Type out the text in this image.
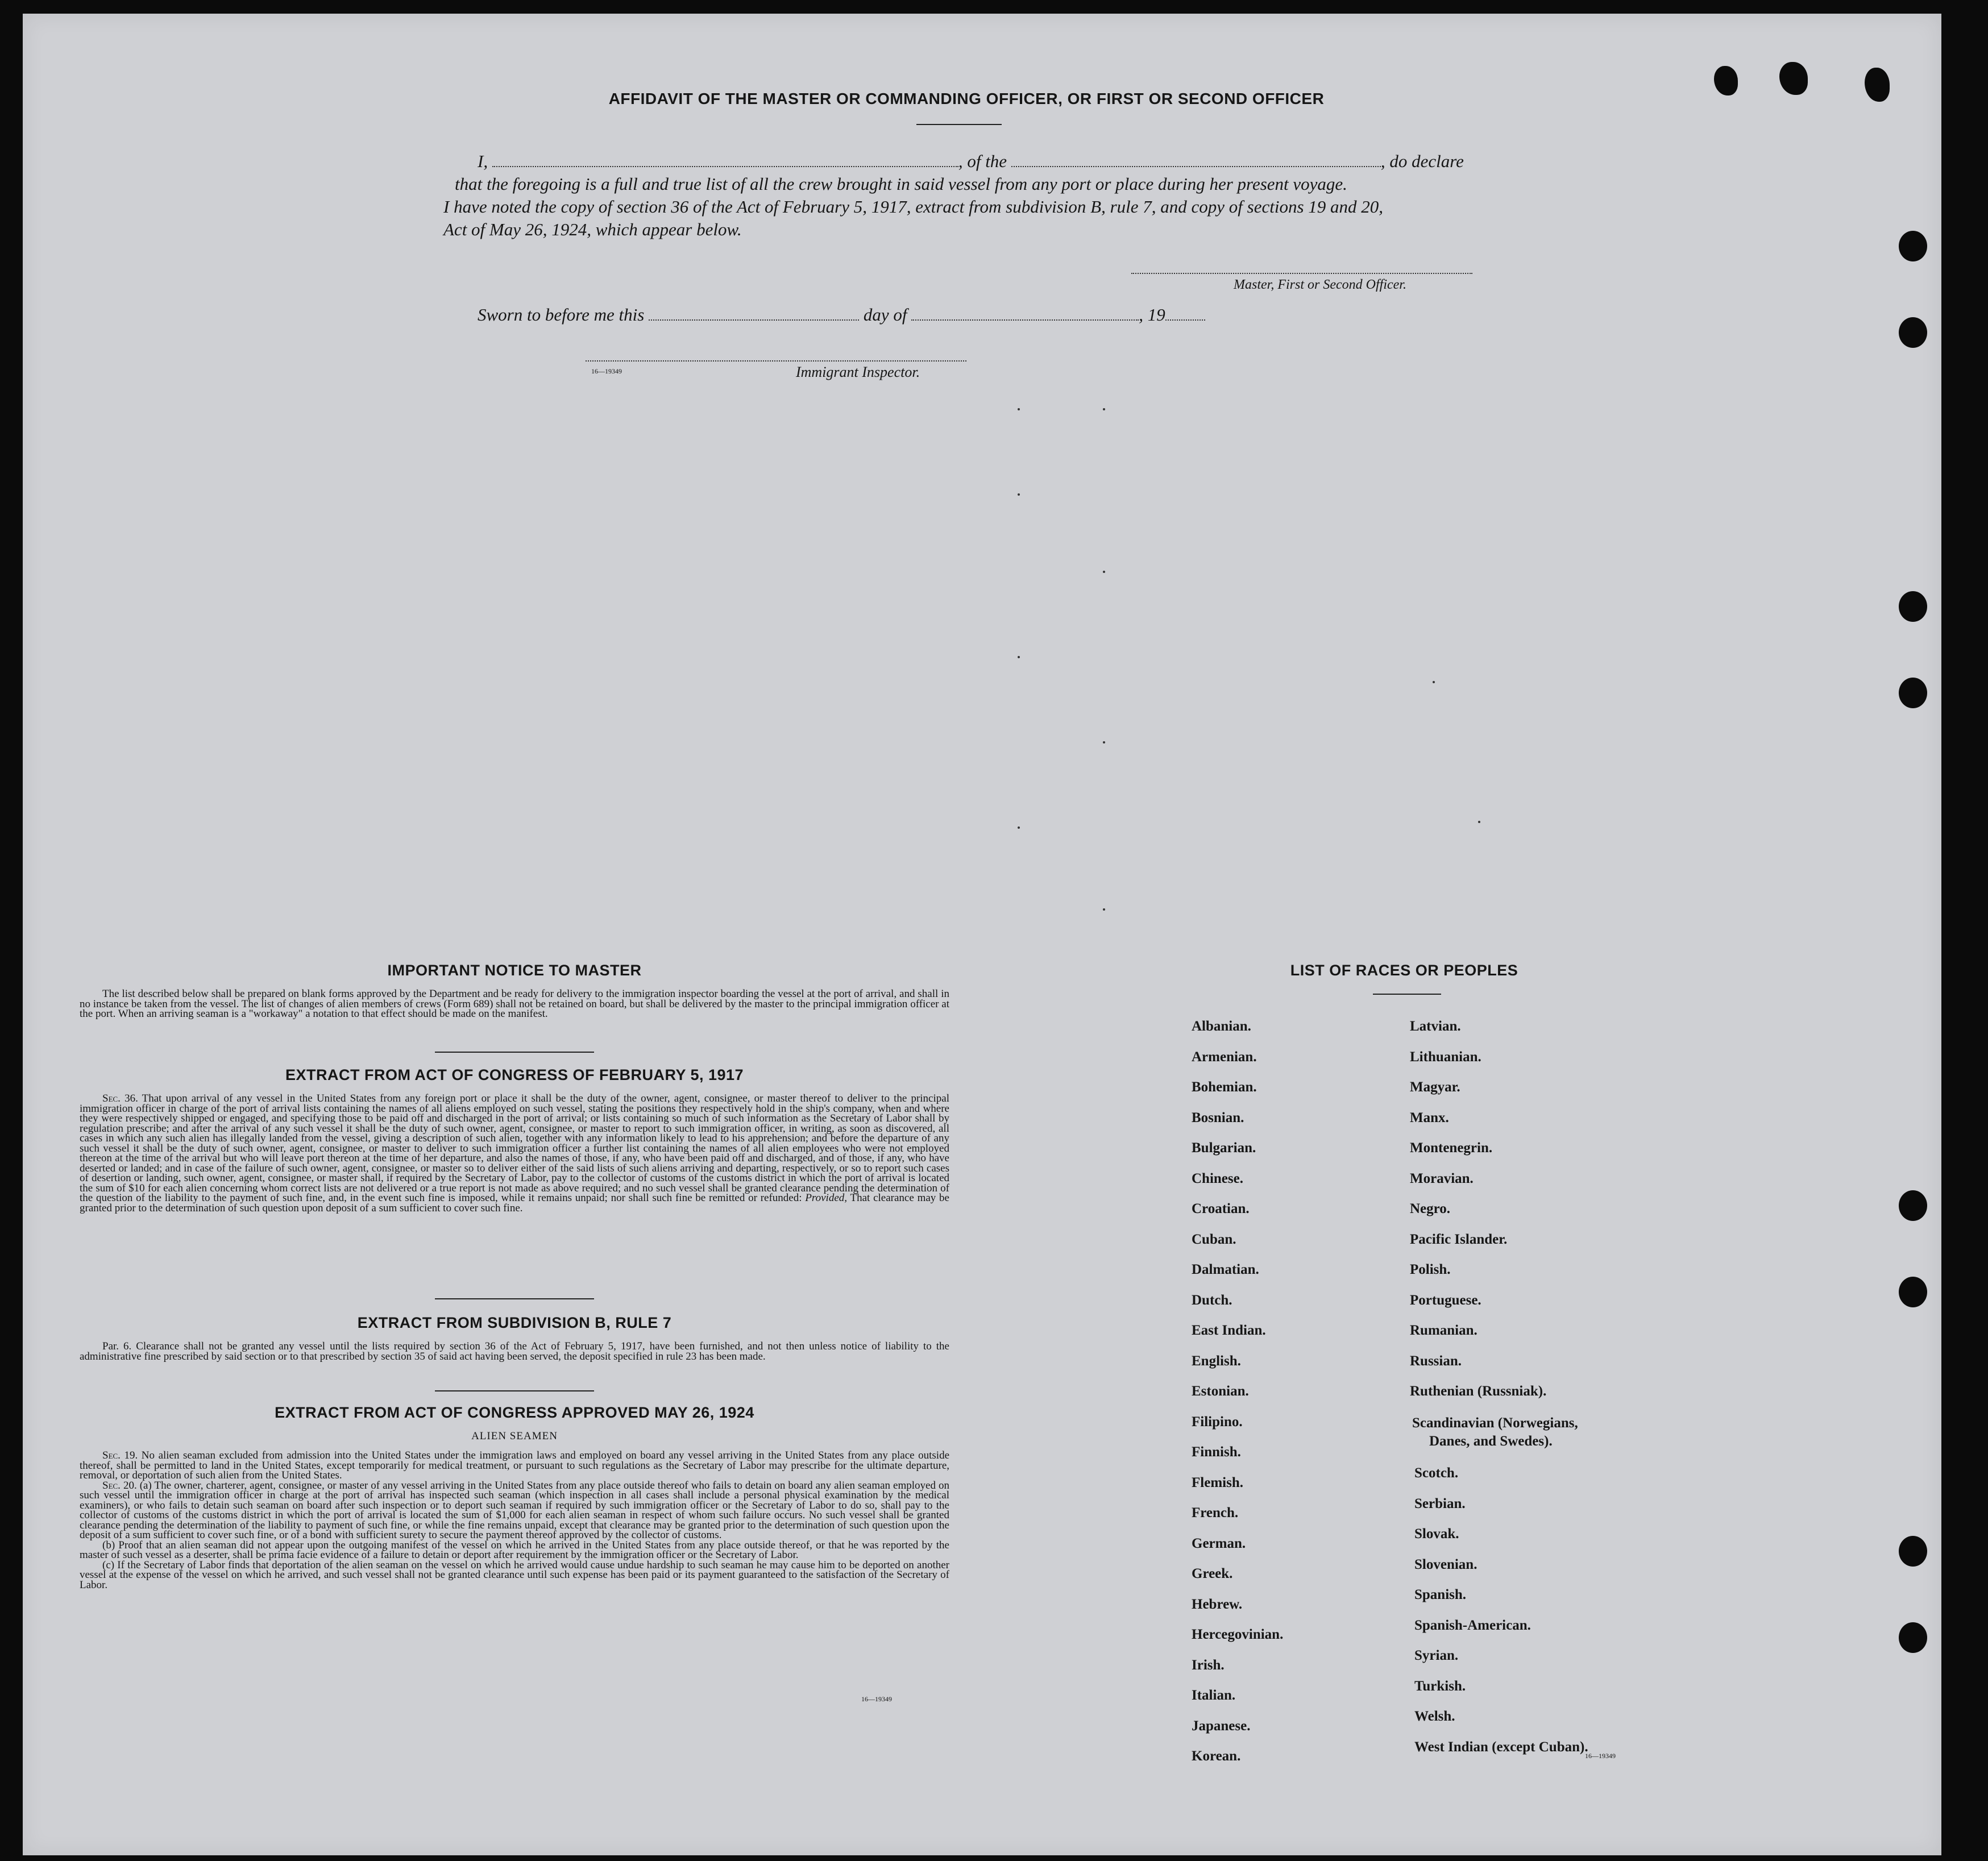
AFFIDAVIT OF THE MASTER OR COMMANDING OFFICER, OR FIRST OR SECOND OFFICER
I,	, of the	, do declare
that the foregoing is a full and true list of all the crew brought in said vessel from any port or place during her present voyage.
I have noted the copy of section 36 of the Act of February 5, 1917, extract from subdivision B, rule 7, and copy of sections 19 and 20,
Act of May 26, 1924, which appear below.
Master, First or Second Officer.
Sworn to before me this	day of	, 19
16—19349	Immigrant Inspector.
IMPORTANT NOTICE TO MASTER

The list described below shall be prepared on blank forms approved by the Department and be ready for delivery to the immigration inspector boarding the vessel at the port of arrival, and shall in no instance be taken from the vessel. The list of changes of alien members of crews (Form 689) shall not be retained on board, but shall be delivered by the master to the principal immigration officer at the port. When an arriving seaman is a "workaway" a notation to that effect should be made on the manifest.

EXTRACT FROM ACT OF CONGRESS OF FEBRUARY 5, 1917

Sec. 36. That upon arrival of any vessel in the United States from any foreign port or place it shall be the duty of the owner, agent, consignee, or master thereof to deliver to the principal immigration officer in charge of the port of arrival lists containing the names of all aliens employed on such vessel, stating the positions they respectively hold in the ship's company, when and where they were respectively shipped or engaged, and specifying those to be paid off and discharged in the port of arrival; or lists containing so much of such information as the Secretary of Labor shall by regulation prescribe; and after the arrival of any such vessel it shall be the duty of such owner, agent, consignee, or master to report to such immigration officer, in writing, as soon as discovered, all cases in which any such alien has illegally landed from the vessel, giving a description of such alien, together with any information likely to lead to his apprehension; and before the departure of any such vessel it shall be the duty of such owner, agent, consignee, or master to deliver to such immigration officer a further list containing the names of all alien employees who were not employed thereon at the time of the arrival but who will leave port thereon at the time of her departure, and also the names of those, if any, who have been paid off and discharged, and of those, if any, who have deserted or landed; and in case of the failure of such owner, agent, consignee, or master so to deliver either of the said lists of such aliens arriving and departing, respectively, or so to report such cases of desertion or landing, such owner, agent, consignee, or master shall, if required by the Secretary of Labor, pay to the collector of customs of the customs district in which the port of arrival is located the sum of $10 for each alien concerning whom correct lists are not delivered or a true report is not made as above required; and no such vessel shall be granted clearance pending the determination of the question of the liability to the payment of such fine, and, in the event such fine is imposed, while it remains unpaid; nor shall such fine be remitted or refunded: Provided, That clearance may be granted prior to the determination of such question upon deposit of a sum sufficient to cover such fine.

EXTRACT FROM SUBDIVISION B, RULE 7

Par. 6. Clearance shall not be granted any vessel until the lists required by section 36 of the Act of February 5, 1917, have been furnished, and not then unless notice of liability to the administrative fine prescribed by said section or to that prescribed by section 35 of said act having been served, the deposit specified in rule 23 has been made.

EXTRACT FROM ACT OF CONGRESS APPROVED MAY 26, 1924
ALIEN SEAMEN

Sec. 19. No alien seaman excluded from admission into the United States under the immigration laws and employed on board any vessel arriving in the United States from any place outside thereof, shall be permitted to land in the United States, except temporarily for medical treatment, or pursuant to such regulations as the Secretary of Labor may prescribe for the ultimate departure, removal, or deportation of such alien from the United States.

Sec. 20. (a) The owner, charterer, agent, consignee, or master of any vessel arriving in the United States from any place outside thereof who fails to detain on board any alien seaman employed on such vessel until the immigration officer in charge at the port of arrival has inspected such seaman (which inspection in all cases shall include a personal physical examination by the medical examiners), or who fails to detain such seaman on board after such inspection or to deport such seaman if required by such immigration officer or the Secretary of Labor to do so, shall pay to the collector of customs of the customs district in which the port of arrival is located the sum of $1,000 for each alien seaman in respect of whom such failure occurs. No such vessel shall be granted clearance pending the determination of the liability to payment of such fine, or while the fine remains unpaid, except that clearance may be granted prior to the determination of such question upon the deposit of a sum sufficient to cover such fine, or of a bond with sufficient surety to secure the payment thereof approved by the collector of customs.

(b) Proof that an alien seaman did not appear upon the outgoing manifest of the vessel on which he arrived in the United States from any place outside thereof, or that he was reported by the master of such vessel as a deserter, shall be prima facie evidence of a failure to detain or deport after requirement by the immigration officer or the Secretary of Labor.

(c) If the Secretary of Labor finds that deportation of the alien seaman on the vessel on which he arrived would cause undue hardship to such seaman he may cause him to be deported on another vessel at the expense of the vessel on which he arrived, and such vessel shall not be granted clearance until such expense has been paid or its payment guaranteed to the satisfaction of the Secretary of Labor.

16—19349
LIST OF RACES OR PEOPLES
Albanian.
Armenian.
Bohemian.
Bosnian.
Bulgarian.
Chinese.
Croatian.
Cuban.
Dalmatian.
Dutch.
East Indian.
English.
Estonian.
Filipino.
Finnish.
Flemish.
French.
German.
Greek.
Hebrew.
Hercegovinian.
Irish.
Italian.
Japanese.
Korean.
Latvian.
Lithuanian.
Magyar.
Manx.
Montenegrin.
Moravian.
Negro.
Pacific Islander.
Polish.
Portuguese.
Rumanian.
Russian.
Ruthenian (Russniak).
Scandinavian (Norwegians,
Danes, and Swedes).
Scotch.
Serbian.
Slovak.
Slovenian.
Spanish.
Spanish-American.
Syrian.
Turkish.
Welsh.
West Indian (except Cuban).
16—19349
